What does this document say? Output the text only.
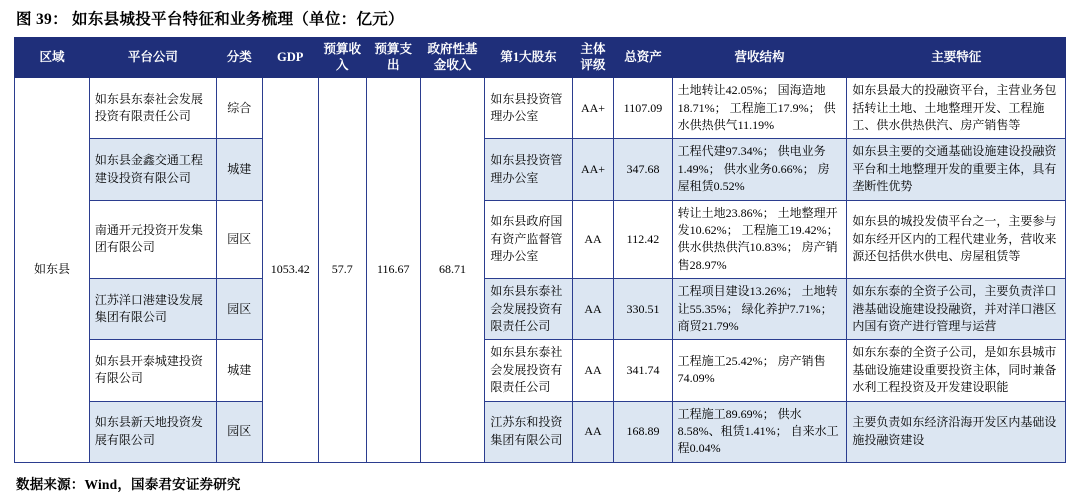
图 39： 如东县城投平台特征和业务梳理（单位：亿元）
区域	平台公司	分类	GDP	预算收入	预算支出	政府性基金收入	第1大股东	主体评级	总资产	营收结构	主要特征
如东县	如东县东泰社会发展投资有限责任公司	综合	1053.42	57.7	116.67	68.71	如东县投资管理办公室	AA+	1107.09	土地转让42.05%； 国海造地18.71%； 工程施工17.9%； 供水供热供气11.19%	如东县最大的投融资平台，主营业务包括转让土地、土地整理开发、工程施工、供水供热供汽、房产销售等
	如东县金鑫交通工程建设投资有限公司	城建					如东县投资管理办公室	AA+	347.68	工程代建97.34%； 供电业务1.49%； 供水业务0.66%； 房屋租赁0.52%	如东县主要的交通基础设施建设投融资平台和土地整理开发的重要主体，具有垄断性优势
	南通开元投资开发集团有限公司	园区					如东县政府国有资产监督管理办公室	AA	112.42	转让土地23.86%； 土地整理开发10.62%； 工程施工19.42%； 供水供热供汽10.83%； 房产销售28.97%	如东县的城投发债平台之一，主要参与如东经开区内的工程代建业务，营收来源还包括供水供电、房屋租赁等
	江苏洋口港建设发展集团有限公司	园区					如东县东泰社会发展投资有限责任公司	AA	330.51	工程项目建设13.26%； 土地转让55.35%； 绿化养护7.71%； 商贸21.79%	如东东泰的全资子公司，主要负责洋口港基础设施建设投融资，并对洋口港区内国有资产进行管理与运营
	如东县开泰城建投资有限公司	城建					如东县东泰社会发展投资有限责任公司	AA	341.74	工程施工25.42%； 房产销售74.09%	如东东泰的全资子公司，是如东县城市基础设施建设重要投资主体，同时兼备水利工程投资及开发建设职能
	如东县新天地投资发展有限公司	园区					江苏东和投资集团有限公司	AA	168.89	工程施工89.69%； 供水8.58%、租赁1.41%； 自来水工程0.04%	主要负责如东经济沿海开发区内基础设施投融资建设
数据来源：Wind，国泰君安证券研究
